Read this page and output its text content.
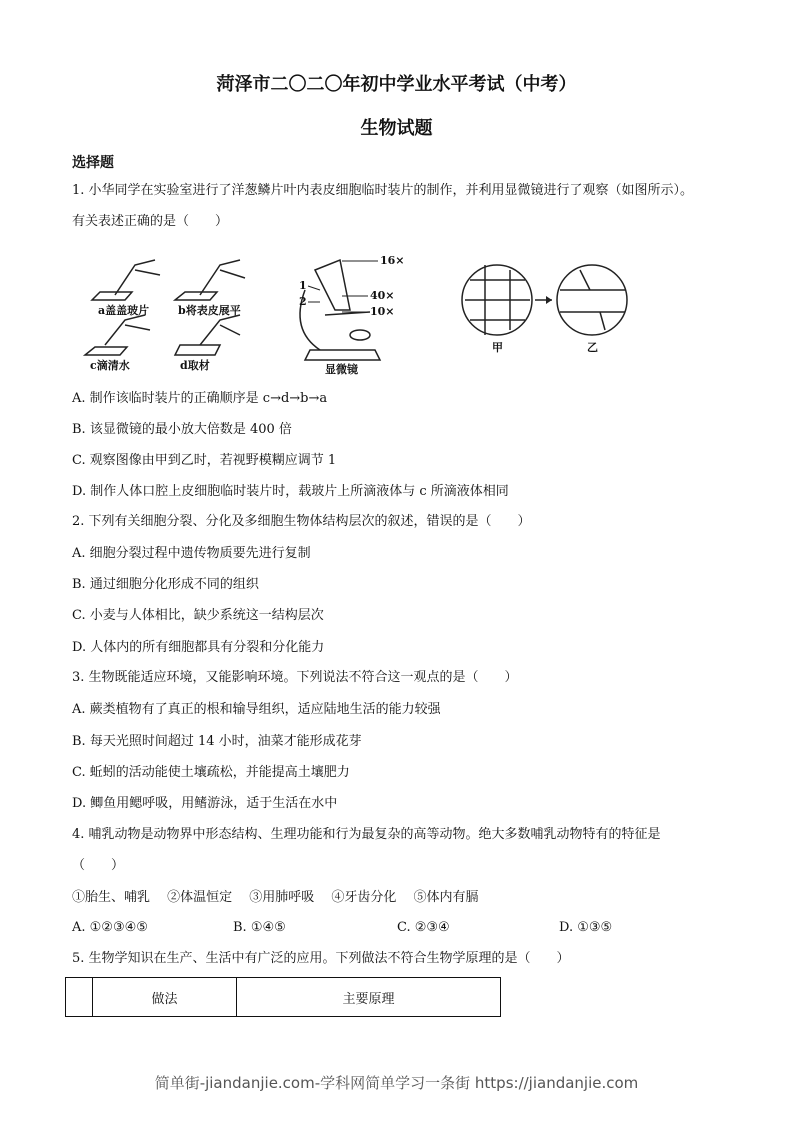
菏泽市二〇二〇年初中学业水平考试（中考）
生物试题
选择题
1. 小华同学在实验室进行了洋葱鳞片叶内表皮细胞临时装片的制作，并利用显微镜进行了观察（如图所示）。
有关表述正确的是（　　）
a盖盖玻片	b将表皮展平
c滴清水	d取材	显微镜
1
2
16×
40×
10×
甲	乙
A. 制作该临时装片的正确顺序是 c→d→b→a
B. 该显微镜的最小放大倍数是 400 倍
C. 观察图像由甲到乙时，若视野模糊应调节 1
D. 制作人体口腔上皮细胞临时装片时，载玻片上所滴液体与 c 所滴液体相同
2. 下列有关细胞分裂、分化及多细胞生物体结构层次的叙述，错误的是（　　）
A. 细胞分裂过程中遗传物质要先进行复制
B. 通过细胞分化形成不同的组织
C. 小麦与人体相比，缺少系统这一结构层次
D. 人体内的所有细胞都具有分裂和分化能力
3. 生物既能适应环境，又能影响环境。下列说法不符合这一观点的是（　　）
A. 蕨类植物有了真正的根和输导组织，适应陆地生活的能力较强
B. 每天光照时间超过 14 小时，油菜才能形成花芽
C. 蚯蚓的活动能使土壤疏松，并能提高土壤肥力
D. 鲫鱼用鳃呼吸，用鳍游泳，适于生活在水中
4. 哺乳动物是动物界中形态结构、生理功能和行为最复杂的高等动物。绝大多数哺乳动物特有的特征是
（　　）
①胎生、哺乳　 ②体温恒定　 ③用肺呼吸　 ④牙齿分化　 ⑤体内有膈
A. ①②③④⑤	B. ①④⑤	C. ②③④	D. ①③⑤
5. 生物学知识在生产、生活中有广泛的应用。下列做法不符合生物学原理的是（　　）
	做法	主要原理
简单街-jiandanjie.com-学科网简单学习一条街 https://jiandanjie.com
